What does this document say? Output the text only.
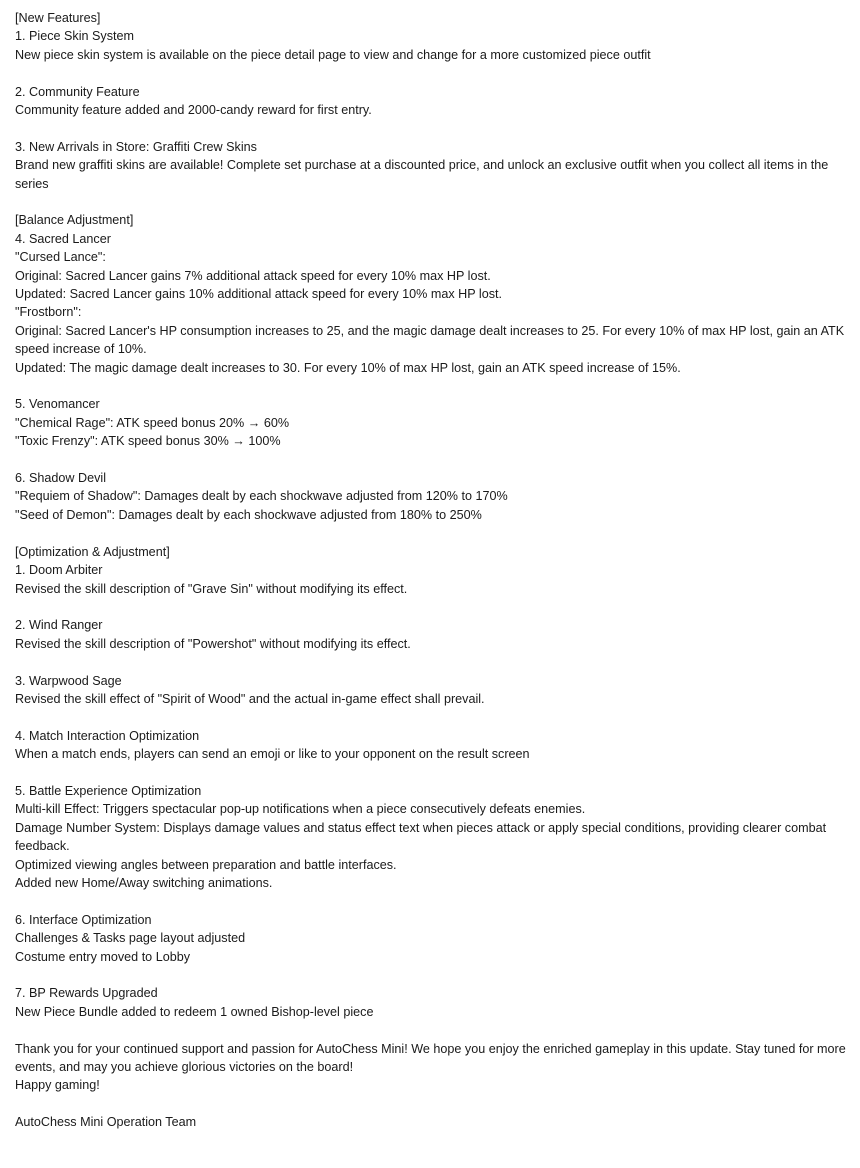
[New Features]
1. Piece Skin System
New piece skin system is available on the piece detail page to view and change for a more customized piece outfit
2. Community Feature
Community feature added and 2000-candy reward for first entry.
3. New Arrivals in Store: Graffiti Crew Skins
Brand new graffiti skins are available! Complete set purchase at a discounted price, and unlock an exclusive outfit when you collect all items in the series
[Balance Adjustment]
4. Sacred Lancer
"Cursed Lance":
Original: Sacred Lancer gains 7% additional attack speed for every 10% max HP lost.
Updated: Sacred Lancer gains 10% additional attack speed for every 10% max HP lost.
"Frostborn":
Original: Sacred Lancer's HP consumption increases to 25, and the magic damage dealt increases to 25. For every 10% of max HP lost, gain an ATK speed increase of 10%.
Updated: The magic damage dealt increases to 30. For every 10% of max HP lost, gain an ATK speed increase of 15%.
5. Venomancer
"Chemical Rage": ATK speed bonus 20% → 60%
"Toxic Frenzy": ATK speed bonus 30% → 100%
6. Shadow Devil
"Requiem of Shadow": Damages dealt by each shockwave adjusted from 120% to 170%
"Seed of Demon": Damages dealt by each shockwave adjusted from 180% to 250%
[Optimization & Adjustment]
1. Doom Arbiter
Revised the skill description of "Grave Sin" without modifying its effect.
2. Wind Ranger
Revised the skill description of "Powershot" without modifying its effect.
3. Warpwood Sage
Revised the skill effect of "Spirit of Wood" and the actual in-game effect shall prevail.
4. Match Interaction Optimization
When a match ends, players can send an emoji or like to your opponent on the result screen
5. Battle Experience Optimization
Multi-kill Effect: Triggers spectacular pop-up notifications when a piece consecutively defeats enemies.
Damage Number System: Displays damage values and status effect text when pieces attack or apply special conditions, providing clearer combat feedback.
Optimized viewing angles between preparation and battle interfaces.
Added new Home/Away switching animations.
6. Interface Optimization
Challenges & Tasks page layout adjusted
Costume entry moved to Lobby
7. BP Rewards Upgraded
New Piece Bundle added to redeem 1 owned Bishop-level piece
Thank you for your continued support and passion for AutoChess Mini! We hope you enjoy the enriched gameplay in this update. Stay tuned for more events, and may you achieve glorious victories on the board!
Happy gaming!
AutoChess Mini Operation Team
